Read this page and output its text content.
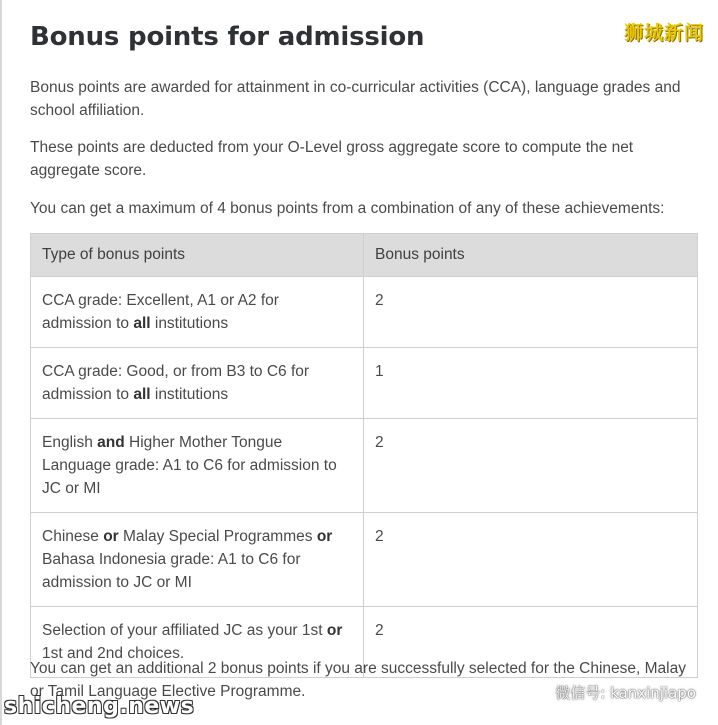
Bonus points for admission	狮城新闻

Bonus points are awarded for attainment in co-curricular activities (CCA), language grades and school affiliation.

These points are deducted from your O-Level gross aggregate score to compute the net aggregate score.

You can get a maximum of 4 bonus points from a combination of any of these achievements:

Type of bonus points	Bonus points
CCA grade: Excellent, A1 or A2 for admission to all institutions	2
CCA grade: Good, or from B3 to C6 for admission to all institutions	1
English and Higher Mother Tongue Language grade: A1 to C6 for admission to JC or MI	2
Chinese or Malay Special Programmes or Bahasa Indonesia grade: A1 to C6 for admission to JC or MI	2
Selection of your affiliated JC as your 1st or 1st and 2nd choices.	2

You can get an additional 2 bonus points if you are successfully selected for the Chinese, Malay or Tamil Language Elective Programme.

shicheng.news
微信号: kanxinjiapo
